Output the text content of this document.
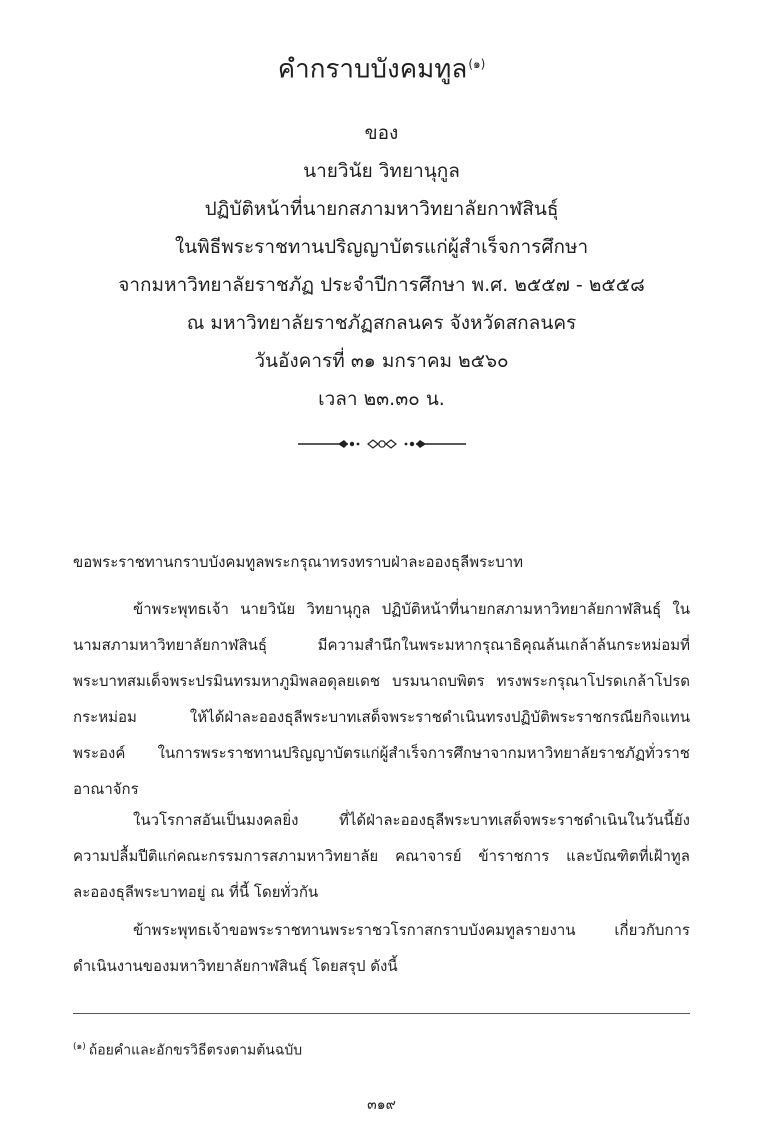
คำกราบบังคมทูล$^{(๑)}$
ของ
นายวินัย วิทยานุกูล
ปฏิบัติหน้าที่นายกสภามหาวิทยาลัยกาฬสินธุ์
ในพิธีพระราชทานปริญญาบัตรแก่ผู้สำเร็จการศึกษา
จากมหาวิทยาลัยราชภัฏ ประจำปีการศึกษา พ.ศ. ๒๕๕๗ - ๒๕๕๘
ณ มหาวิทยาลัยราชภัฏสกลนคร จังหวัดสกลนคร
วันอังคารที่ ๓๑ มกราคม ๒๕๖๐
เวลา ๒๓.๓๐ น.

ขอพระราชทานกราบบังคมทูลพระกรุณาทรงทราบฝ่าละอองธุลีพระบาท

ข้าพระพุทธเจ้า นายวินัย วิทยานุกูล ปฏิบัติหน้าที่นายกสภามหาวิทยาลัยกาฬสินธุ์ ในนามสภามหาวิทยาลัยกาฬสินธุ์ มีความสำนึกในพระมหากรุณาธิคุณล้นเกล้าล้นกระหม่อมที่พระบาทสมเด็จพระปรมินทรมหาภูมิพลอดุลยเดช บรมนาถบพิตร ทรงพระกรุณาโปรดเกล้าโปรดกระหม่อม ให้ได้ฝ่าละอองธุลีพระบาทเสด็จพระราชดำเนินทรงปฏิบัติพระราชกรณียกิจแทนพระองค์ ในการพระราชทานปริญญาบัตรแก่ผู้สำเร็จการศึกษาจากมหาวิทยาลัยราชภัฏทั่วราชอาณาจักร

ในวโรกาสอันเป็นมงคลยิ่ง ที่ได้ฝ่าละอองธุลีพระบาทเสด็จพระราชดำเนินในวันนี้ยังความปลื้มปีติแก่คณะกรรมการสภามหาวิทยาลัย คณาจารย์ ข้าราชการ และบัณฑิตที่เฝ้าทูลละอองธุลีพระบาทอยู่ ณ ที่นี้ โดยทั่วกัน

ข้าพระพุทธเจ้าขอพระราชทานพระราชวโรกาสกราบบังคมทูลรายงาน เกี่ยวกับการดำเนินงานของมหาวิทยาลัยกาฬสินธุ์ โดยสรุป ดังนี้

$^{(๑)}$ ถ้อยคำและอักขรวิธีตรงตามต้นฉบับ
๓๑๙
